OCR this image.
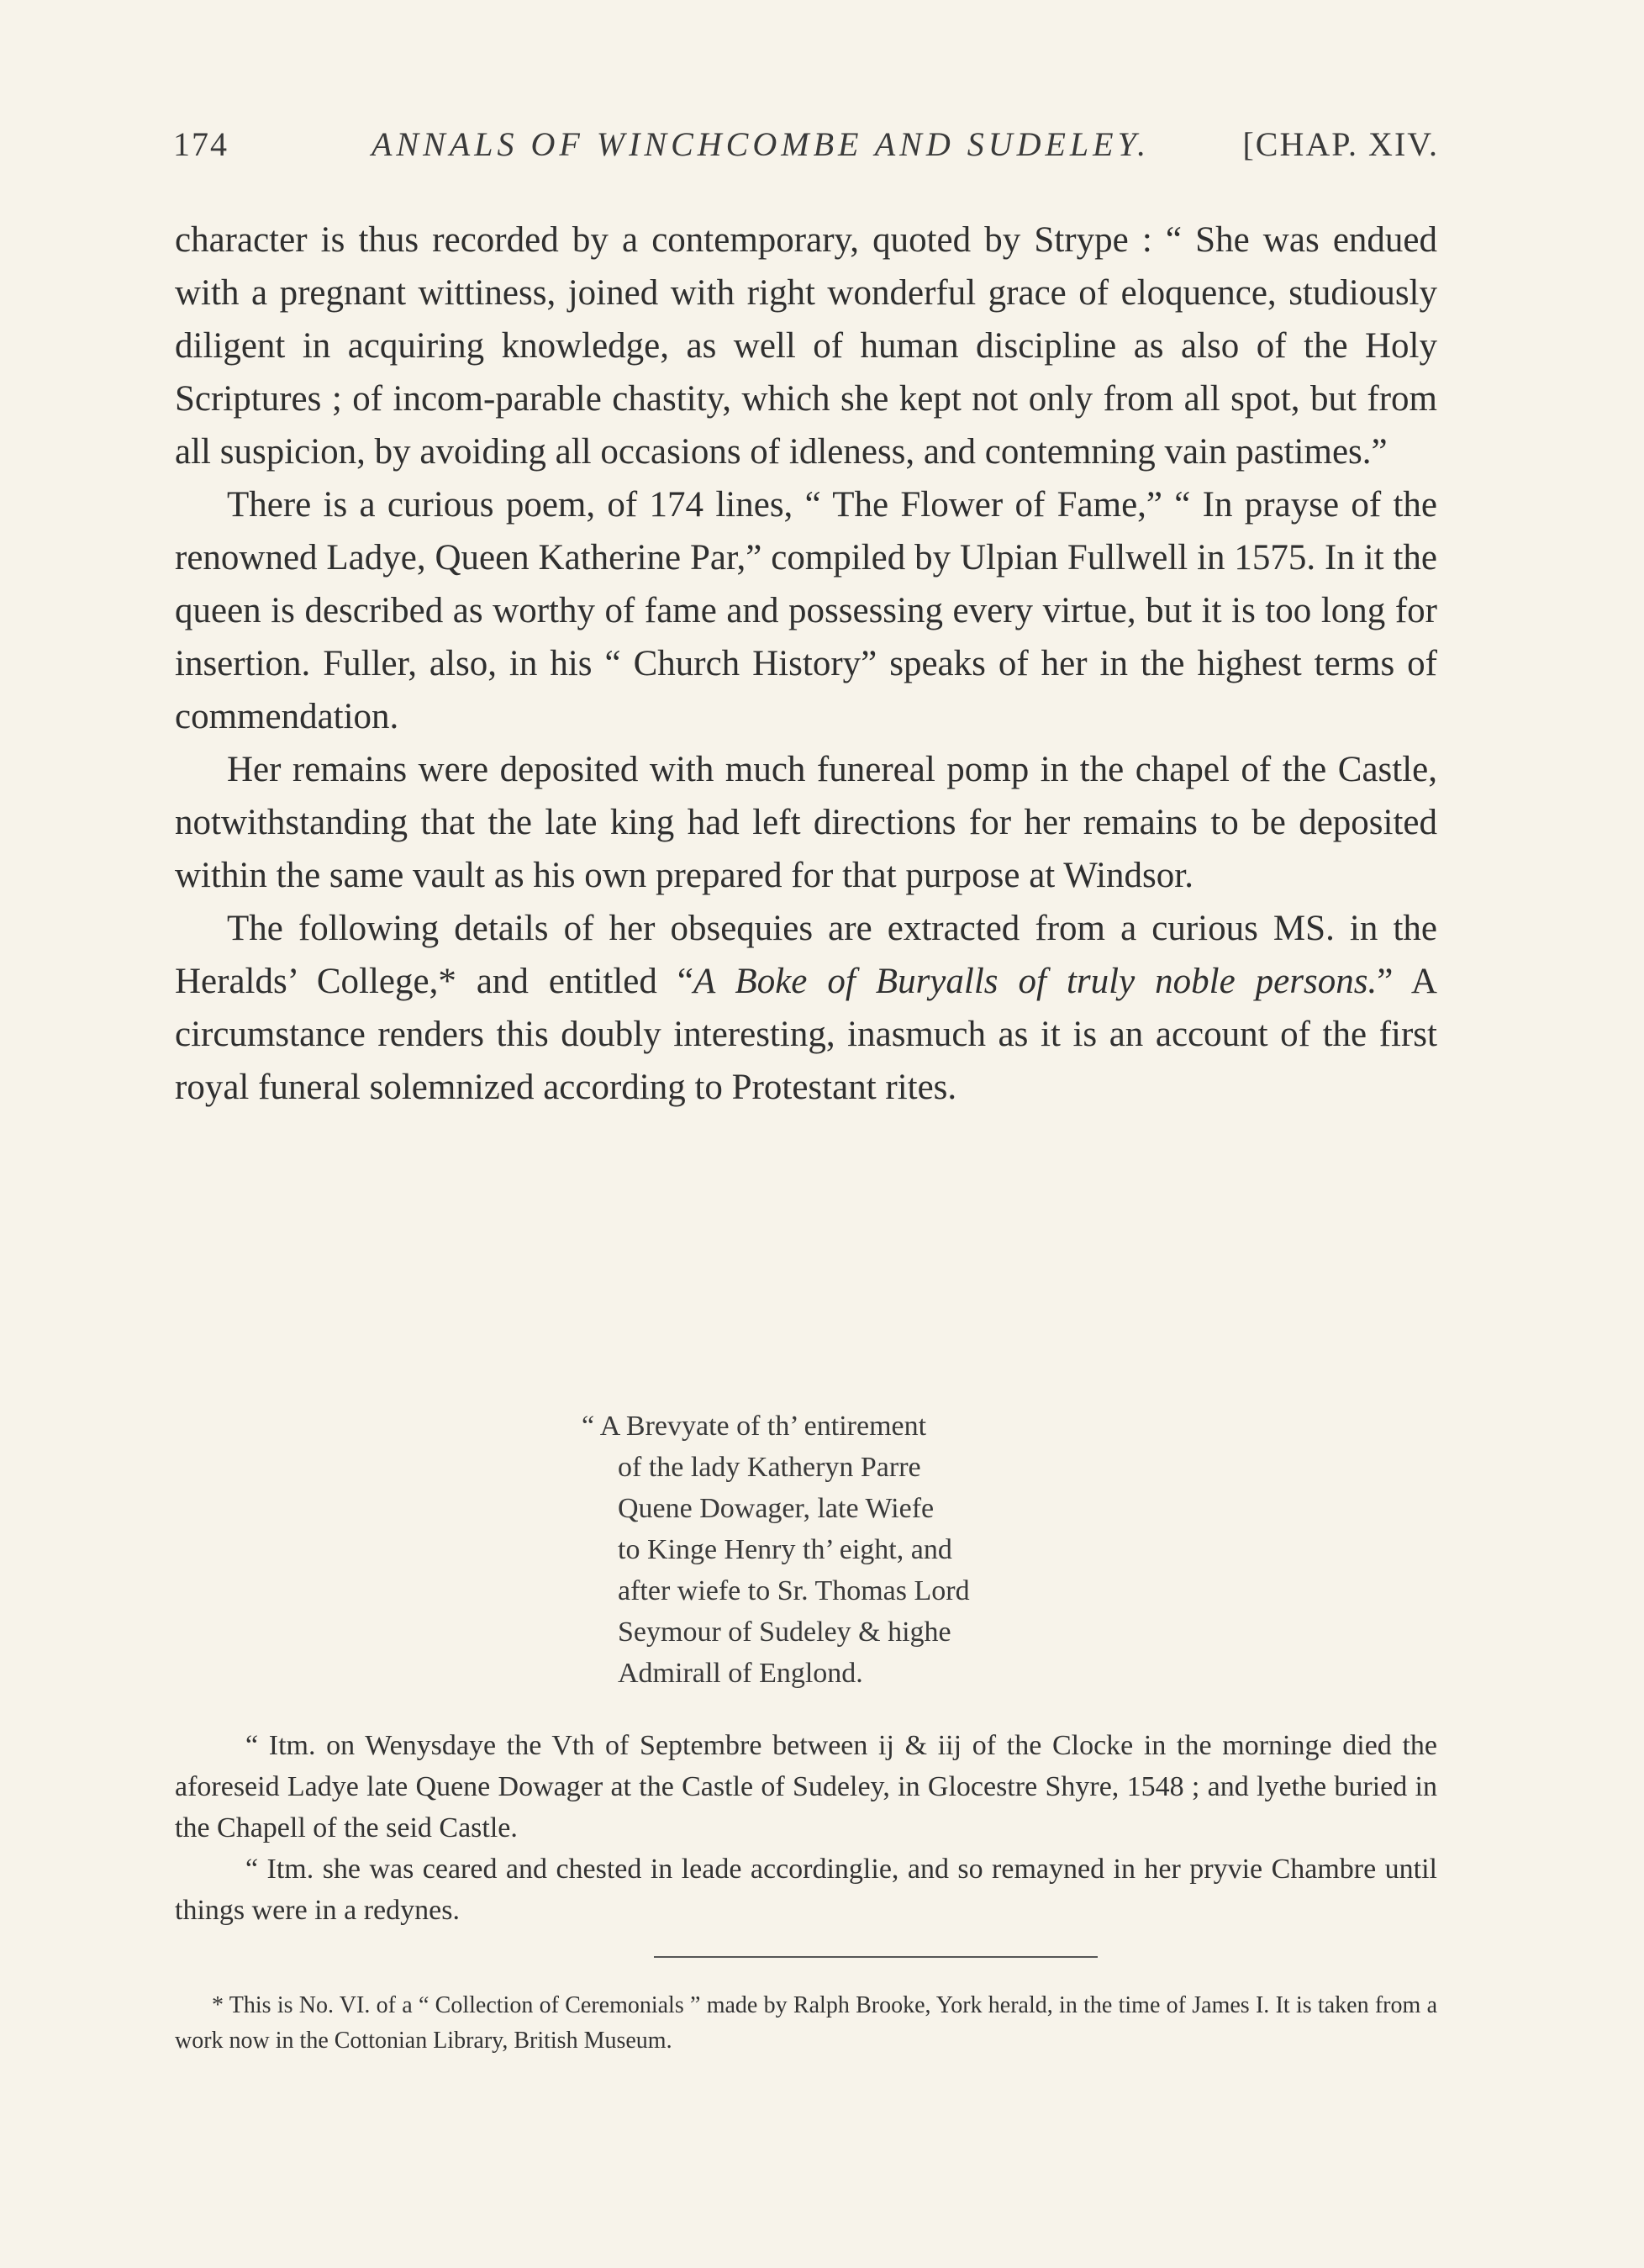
174	ANNALS OF WINCHCOMBE AND SUDELEY.	[CHAP. XIV.

character is thus recorded by a contemporary, quoted by Strype : “ She was endued with a pregnant wittiness, joined with right wonderful grace of eloquence, studiously diligent in acquiring knowledge, as well of human discipline as also of the Holy Scriptures ; of incom-parable chastity, which she kept not only from all spot, but from all suspicion, by avoiding all occasions of idleness, and contemning vain pastimes.”

There is a curious poem, of 174 lines, “ The Flower of Fame,” “ In prayse of the renowned Ladye, Queen Katherine Par,” compiled by Ulpian Fullwell in 1575. In it the queen is described as worthy of fame and possessing every virtue, but it is too long for insertion. Fuller, also, in his “ Church History” speaks of her in the highest terms of commendation.

Her remains were deposited with much funereal pomp in the chapel of the Castle, notwithstanding that the late king had left directions for her remains to be deposited within the same vault as his own prepared for that purpose at Windsor.

The following details of her obsequies are extracted from a curious MS. in the Heralds’ College,* and entitled “A Boke of Buryalls of truly noble persons.” A circumstance renders this doubly interesting, inasmuch as it is an account of the first royal funeral solemnized according to Protestant rites.

“ A Brevyate of th’ entirement
of the lady Katheryn Parre
Quene Dowager, late Wiefe
to Kinge Henry th’ eight, and
after wiefe to Sr. Thomas Lord
Seymour of Sudeley & highe
Admirall of Englond.

“ Itm. on Wenysdaye the Vth of Septembre between ij & iij of the Clocke in the morninge died the aforeseid Ladye late Quene Dowager at the Castle of Sudeley, in Glocestre Shyre, 1548 ; and lyethe buried in the Chapell of the seid Castle.

“ Itm. she was ceared and chested in leade accordinglie, and so remayned in her pryvie Chambre until things were in a redynes.

* This is No. VI. of a “ Collection of Ceremonials ” made by Ralph Brooke, York herald, in the time of James I. It is taken from a work now in the Cottonian Library, British Museum.
